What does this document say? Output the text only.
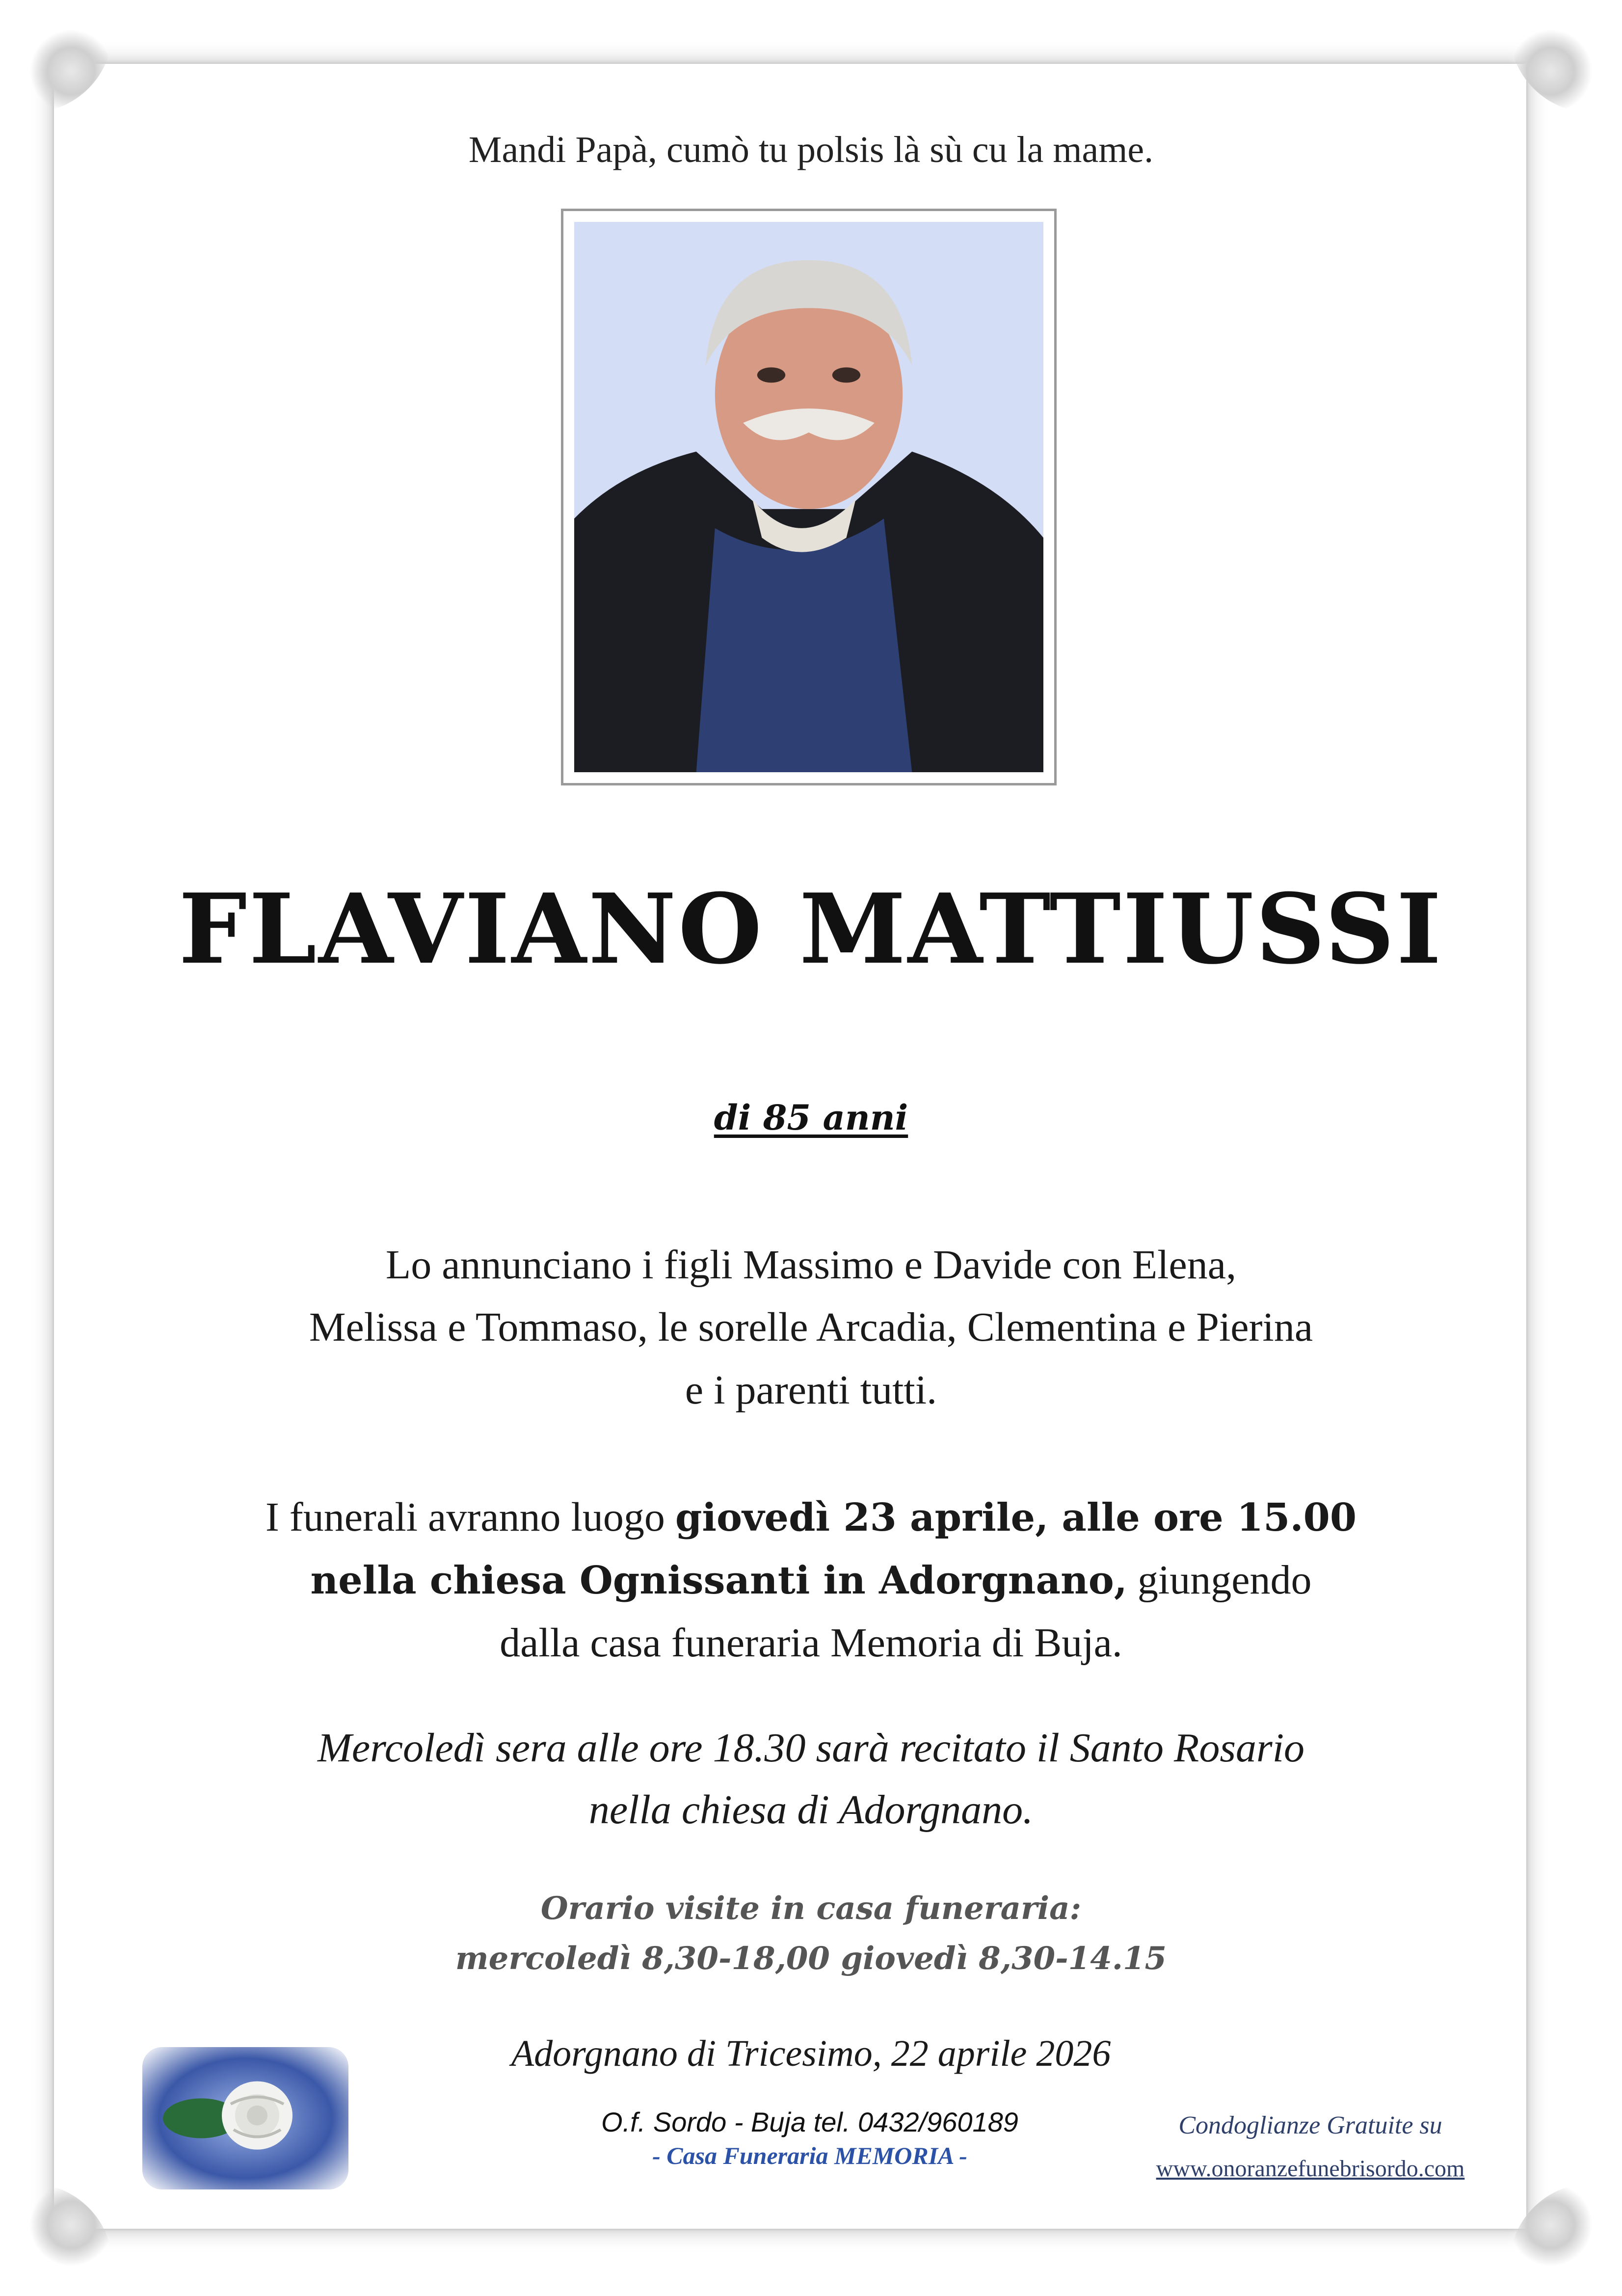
Mandi Papà, cumò tu polsis là sù cu la mame.
FLAVIANO MATTIUSSI
di 85 anni
Lo annunciano i figli Massimo e Davide con Elena,
Melissa e Tommaso, le sorelle Arcadia, Clementina e Pierina
e i parenti tutti.
I funerali avranno luogo giovedì 23 aprile, alle ore 15.00
nella chiesa Ognissanti in Adorgnano, giungendo
dalla casa funeraria Memoria di Buja.
Mercoledì sera alle ore 18.30 sarà recitato il Santo Rosario
nella chiesa di Adorgnano.
Orario visite in casa funeraria:
mercoledì 8,30-18,00 giovedì 8,30-14.15
Adorgnano di Tricesimo, 22 aprile 2026
O.f. Sordo - Buja tel. 0432/960189
- Casa Funeraria MEMORIA -
Condoglianze Gratuite su
www.onoranzefunebrisordo.com
